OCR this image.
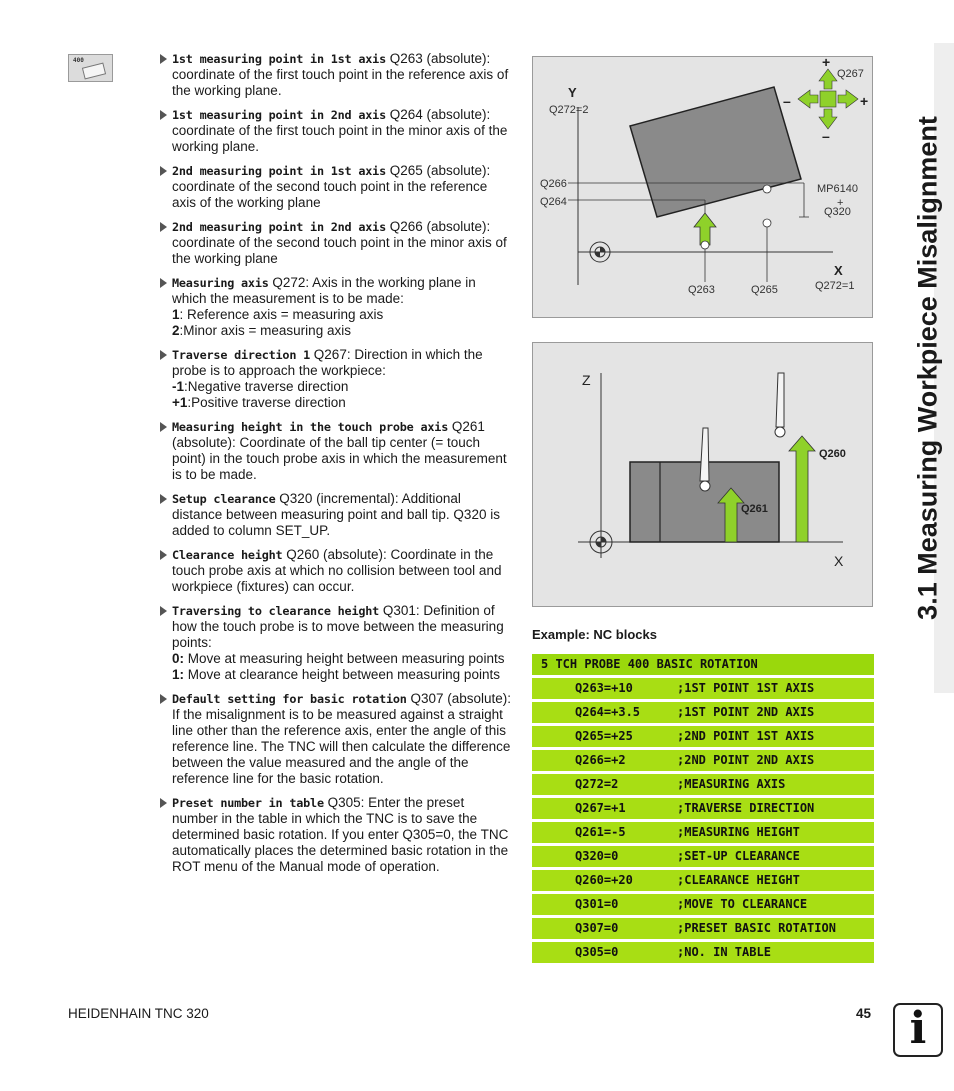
400	1st measuring point in 1st axis Q263 (absolute): coordinate of the first touch point in the reference axis of the working plane.
1st measuring point in 2nd axis Q264 (absolute): coordinate of the first touch point in the minor axis of the working plane.
2nd measuring point in 1st axis Q265 (absolute): coordinate of the second touch point in the reference axis of the working plane
2nd measuring point in 2nd axis Q266 (absolute): coordinate of the second touch point in the minor axis of the working plane
Measuring axis Q272: Axis in the working plane in which the measurement is to be made:
1: Reference axis = measuring axis
2:Minor axis = measuring axis
Traverse direction 1 Q267: Direction in which the probe is to approach the workpiece:
-1:Negative traverse direction
+1:Positive traverse direction
Measuring height in the touch probe axis Q261 (absolute): Coordinate of the ball tip center (= touch point) in the touch probe axis in which the measurement is to be made.
Setup clearance Q320 (incremental): Additional distance between measuring point and ball tip. Q320 is added to column SET_UP.
Clearance height Q260 (absolute): Coordinate in the touch probe axis at which no collision between tool and workpiece (fixtures) can occur.
Traversing to clearance height Q301: Definition of how the touch probe is to move between the measuring points:
0: Move at measuring height between measuring points
1: Move at clearance height between measuring points
Default setting for basic rotation Q307 (absolute): If the misalignment is to be measured against a straight line other than the reference axis, enter the angle of this reference line. The TNC will then calculate the difference between the value measured and the angle of the reference line for the basic rotation.
Preset number in table Q305: Enter the preset number in the table in which the TNC is to save the determined basic rotation. If you enter Q305=0, the TNC automatically places the determined basic rotation in the ROT menu of the Manual mode of operation.
Y
Q272=2
Q267
+
+
–
–
Q266
Q264
MP6140
+
Q320
X
Q263	Q265	Q272=1
Z
X
Q260
Q261
Example: NC blocks
5 TCH PROBE 400 BASIC ROTATION
Q263=+10	;1ST POINT 1ST AXIS
Q264=+3.5	;1ST POINT 2ND AXIS
Q265=+25	;2ND POINT 1ST AXIS
Q266=+2	;2ND POINT 2ND AXIS
Q272=2	;MEASURING AXIS
Q267=+1	;TRAVERSE DIRECTION
Q261=-5	;MEASURING HEIGHT
Q320=0	;SET-UP CLEARANCE
Q260=+20	;CLEARANCE HEIGHT
Q301=0	;MOVE TO CLEARANCE
Q307=0	;PRESET BASIC ROTATION
Q305=0	;NO. IN TABLE
3.1 Measuring Workpiece Misalignment
HEIDENHAIN TNC 320	45 i
